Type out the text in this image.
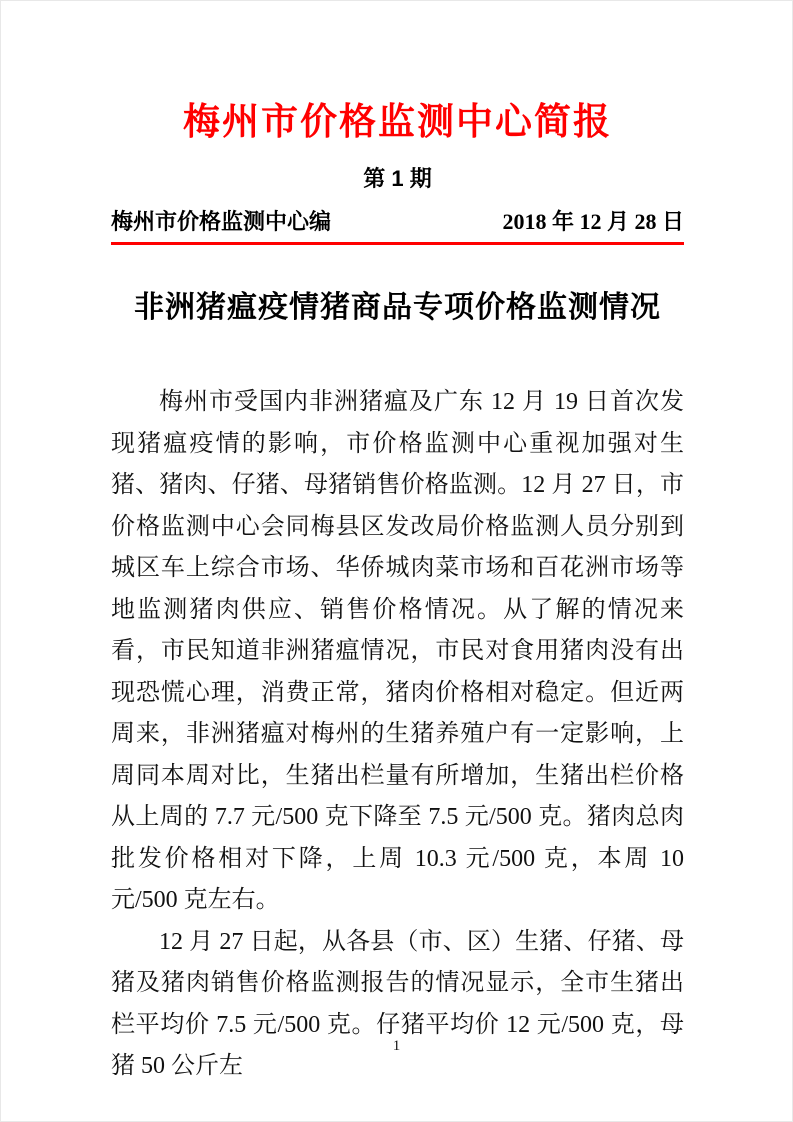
梅州市价格监测中心简报
第 1 期
梅州市价格监测中心编	2018 年 12 月 28 日
非洲猪瘟疫情猪商品专项价格监测情况

梅州市受国内非洲猪瘟及广东 12 月 19 日首次发现猪瘟疫情的影响，市价格监测中心重视加强对生猪、猪肉、仔猪、母猪销售价格监测。12 月 27 日，市价格监测中心会同梅县区发改局价格监测人员分别到城区车上综合市场、华侨城肉菜市场和百花洲市场等地监测猪肉供应、销售价格情况。从了解的情况来看，市民知道非洲猪瘟情况，市民对食用猪肉没有出现恐慌心理，消费正常，猪肉价格相对稳定。但近两周来，非洲猪瘟对梅州的生猪养殖户有一定影响，上周同本周对比，生猪出栏量有所增加，生猪出栏价格从上周的 7.7 元/500 克下降至 7.5 元/500 克。猪肉总肉批发价格相对下降，上周 10.3 元/500 克，本周 10 元/500 克左右。

12 月 27 日起，从各县（市、区）生猪、仔猪、母猪及猪肉销售价格监测报告的情况显示，全市生猪出栏平均价 7.5 元/500 克。仔猪平均价 12 元/500 克，母猪 50 公斤左

1
